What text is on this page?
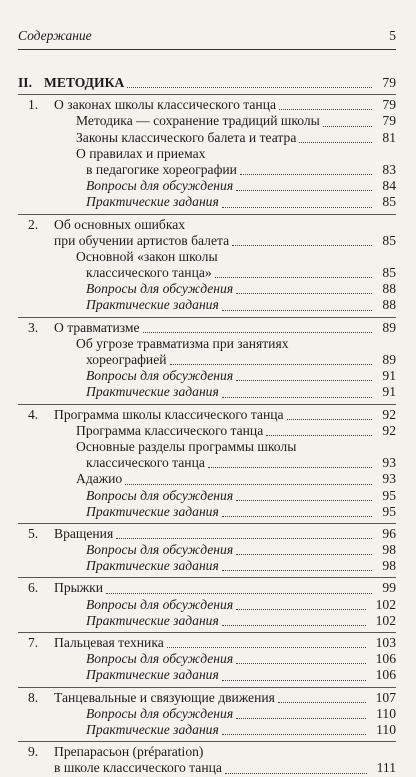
Содержание	5
II. МЕТОДИКА	79
1. О законах школы классического танца	79
Методика — сохранение традиций школы	79
Законы классического балета и театра	81
О правилах и приемах
в педагогике хореографии	83
Вопросы для обсуждения	84
Практические задания	85
2. Об основных ошибках
при обучении артистов балета	85
Основной «закон школы
классического танца»	85
Вопросы для обсуждения	88
Практические задания	88
3. О травматизме	89
Об угрозе травматизма при занятиях
хореографией	89
Вопросы для обсуждения	91
Практические задания	91
4. Программа школы классического танца	92
Программа классического танца	92
Основные разделы программы школы
классического танца	93
Адажио	93
Вопросы для обсуждения	95
Практические задания	95
5. Вращения	96
Вопросы для обсуждения	98
Практические задания	98
6. Прыжки	99
Вопросы для обсуждения	102
Практические задания	102
7. Пальцевая техника	103
Вопросы для обсуждения	106
Практические задания	106
8. Танцевальные и связующие движения	107
Вопросы для обсуждения	110
Практические задания	110
9. Препарасьон (préparation)
в школе классического танца	111
